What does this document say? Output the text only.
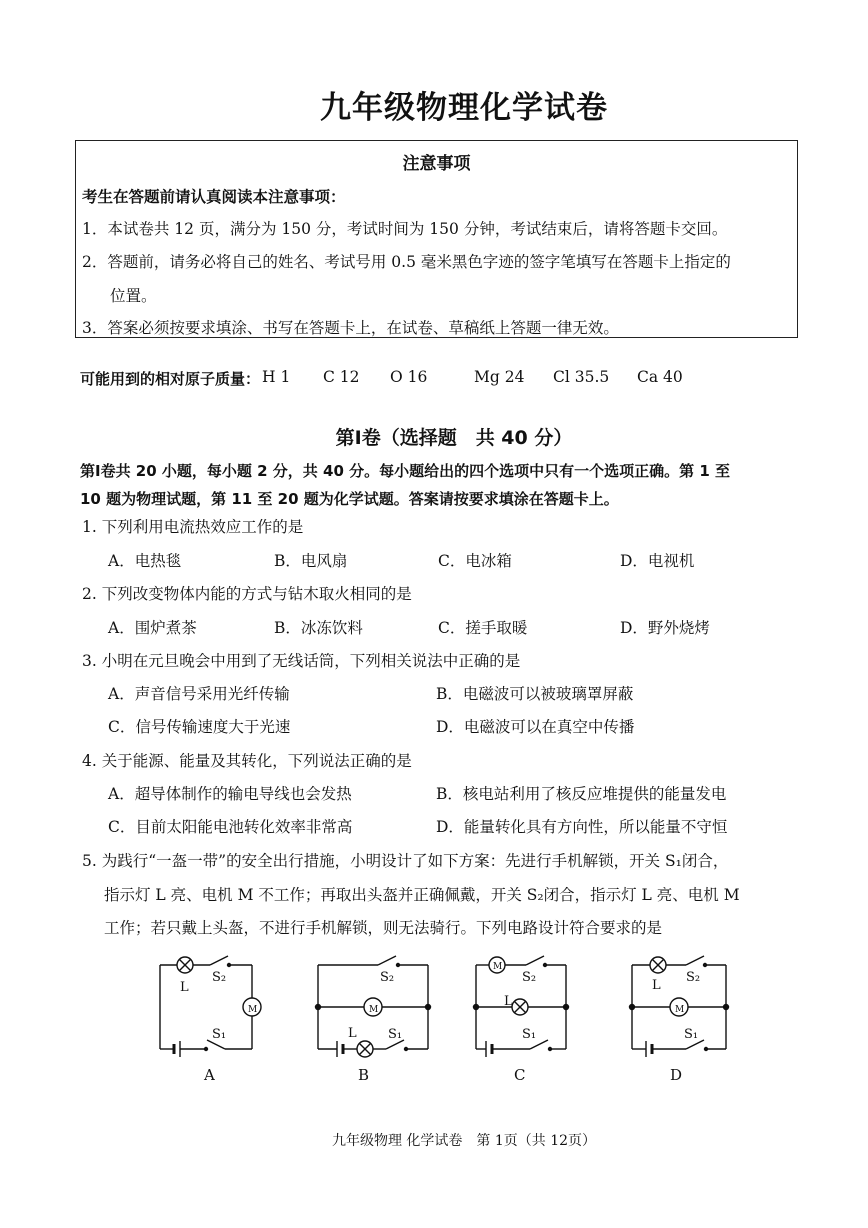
九年级物理化学试卷
注意事项
考生在答题前请认真阅读本注意事项：
1．本试卷共 12 页，满分为 150 分，考试时间为 150 分钟，考试结束后，请将答题卡交回。
2．答题前，请务必将自己的姓名、考试号用 0.5 毫米黑色字迹的签字笔填写在答题卡上指定的
位置。
3．答案必须按要求填涂、书写在答题卡上，在试卷、草稿纸上答题一律无效。
可能用到的相对原子质量： H 1 C 12 O 16	Mg 24 Cl 35.5 Ca 40
第Ⅰ卷（选择题　共 40 分）
第Ⅰ卷共 20 小题，每小题 2 分，共 40 分。每小题给出的四个选项中只有一个选项正确。第 1 至
10 题为物理试题，第 11 至 20 题为化学试题。答案请按要求填涂在答题卡上。
1. 下列利用电流热效应工作的是
A．电热毯	B．电风扇	C．电冰箱	D．电视机
2. 下列改变物体内能的方式与钻木取火相同的是
A．围炉煮茶	B．冰冻饮料	C．搓手取暖	D．野外烧烤
3. 小明在元旦晚会中用到了无线话筒，下列相关说法中正确的是
A．声音信号采用光纤传输	B．电磁波可以被玻璃罩屏蔽
C．信号传输速度大于光速	D．电磁波可以在真空中传播
4. 关于能源、能量及其转化，下列说法正确的是
A．超导体制作的输电导线也会发热	B．核电站利用了核反应堆提供的能量发电
C．目前太阳能电池转化效率非常高	D．能量转化具有方向性，所以能量不守恒
5. 为践行“一盔一带”的安全出行措施，小明设计了如下方案：先进行手机解锁，开关 S₁闭合，
指示灯 L 亮、电机 M 不工作；再取出头盔并正确佩戴，开关 S₂闭合，指示灯 L 亮、电机 M
工作；若只戴上头盔，不进行手机解锁，则无法骑行。下列电路设计符合要求的是
L
S₂
M
S₁
A
S₂
M
L S₁
B
M
S₂
L
S₁
C
L
S₂
M
S₁
D
九年级物理 化学试卷　第 1页（共 12页）
